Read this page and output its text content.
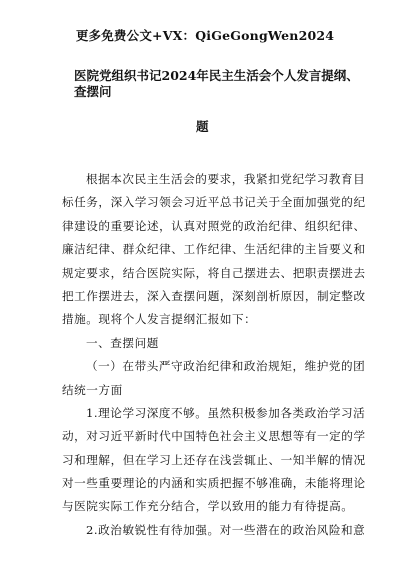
更多免费公文+VX：QiGeGongWen2024
医院党组织书记2024年民主生活会个人发言提纲、查摆问
题
根据本次民主生活会的要求，我紧扣党纪学习教育目
标任务，深入学习领会习近平总书记关于全面加强党的纪
律建设的重要论述，认真对照党的政治纪律、组织纪律、
廉洁纪律、群众纪律、工作纪律、生活纪律的主旨要义和
规定要求，结合医院实际，将自己摆进去、把职责摆进去
把工作摆进去，深入查摆问题，深刻剖析原因，制定整改
措施。现将个人发言提纲汇报如下：
一、查摆问题
（一）在带头严守政治纪律和政治规矩，维护党的团
结统一方面
1.理论学习深度不够。虽然积极参加各类政治学习活
动，对习近平新时代中国特色社会主义思想等有一定的学
习和理解，但在学习上还存在浅尝辄止、一知半解的情况
对一些重要理论的内涵和实质把握不够准确，未能将理论
与医院实际工作充分结合，学以致用的能力有待提高。
2.政治敏锐性有待加强。对一些潜在的政治风险和意
